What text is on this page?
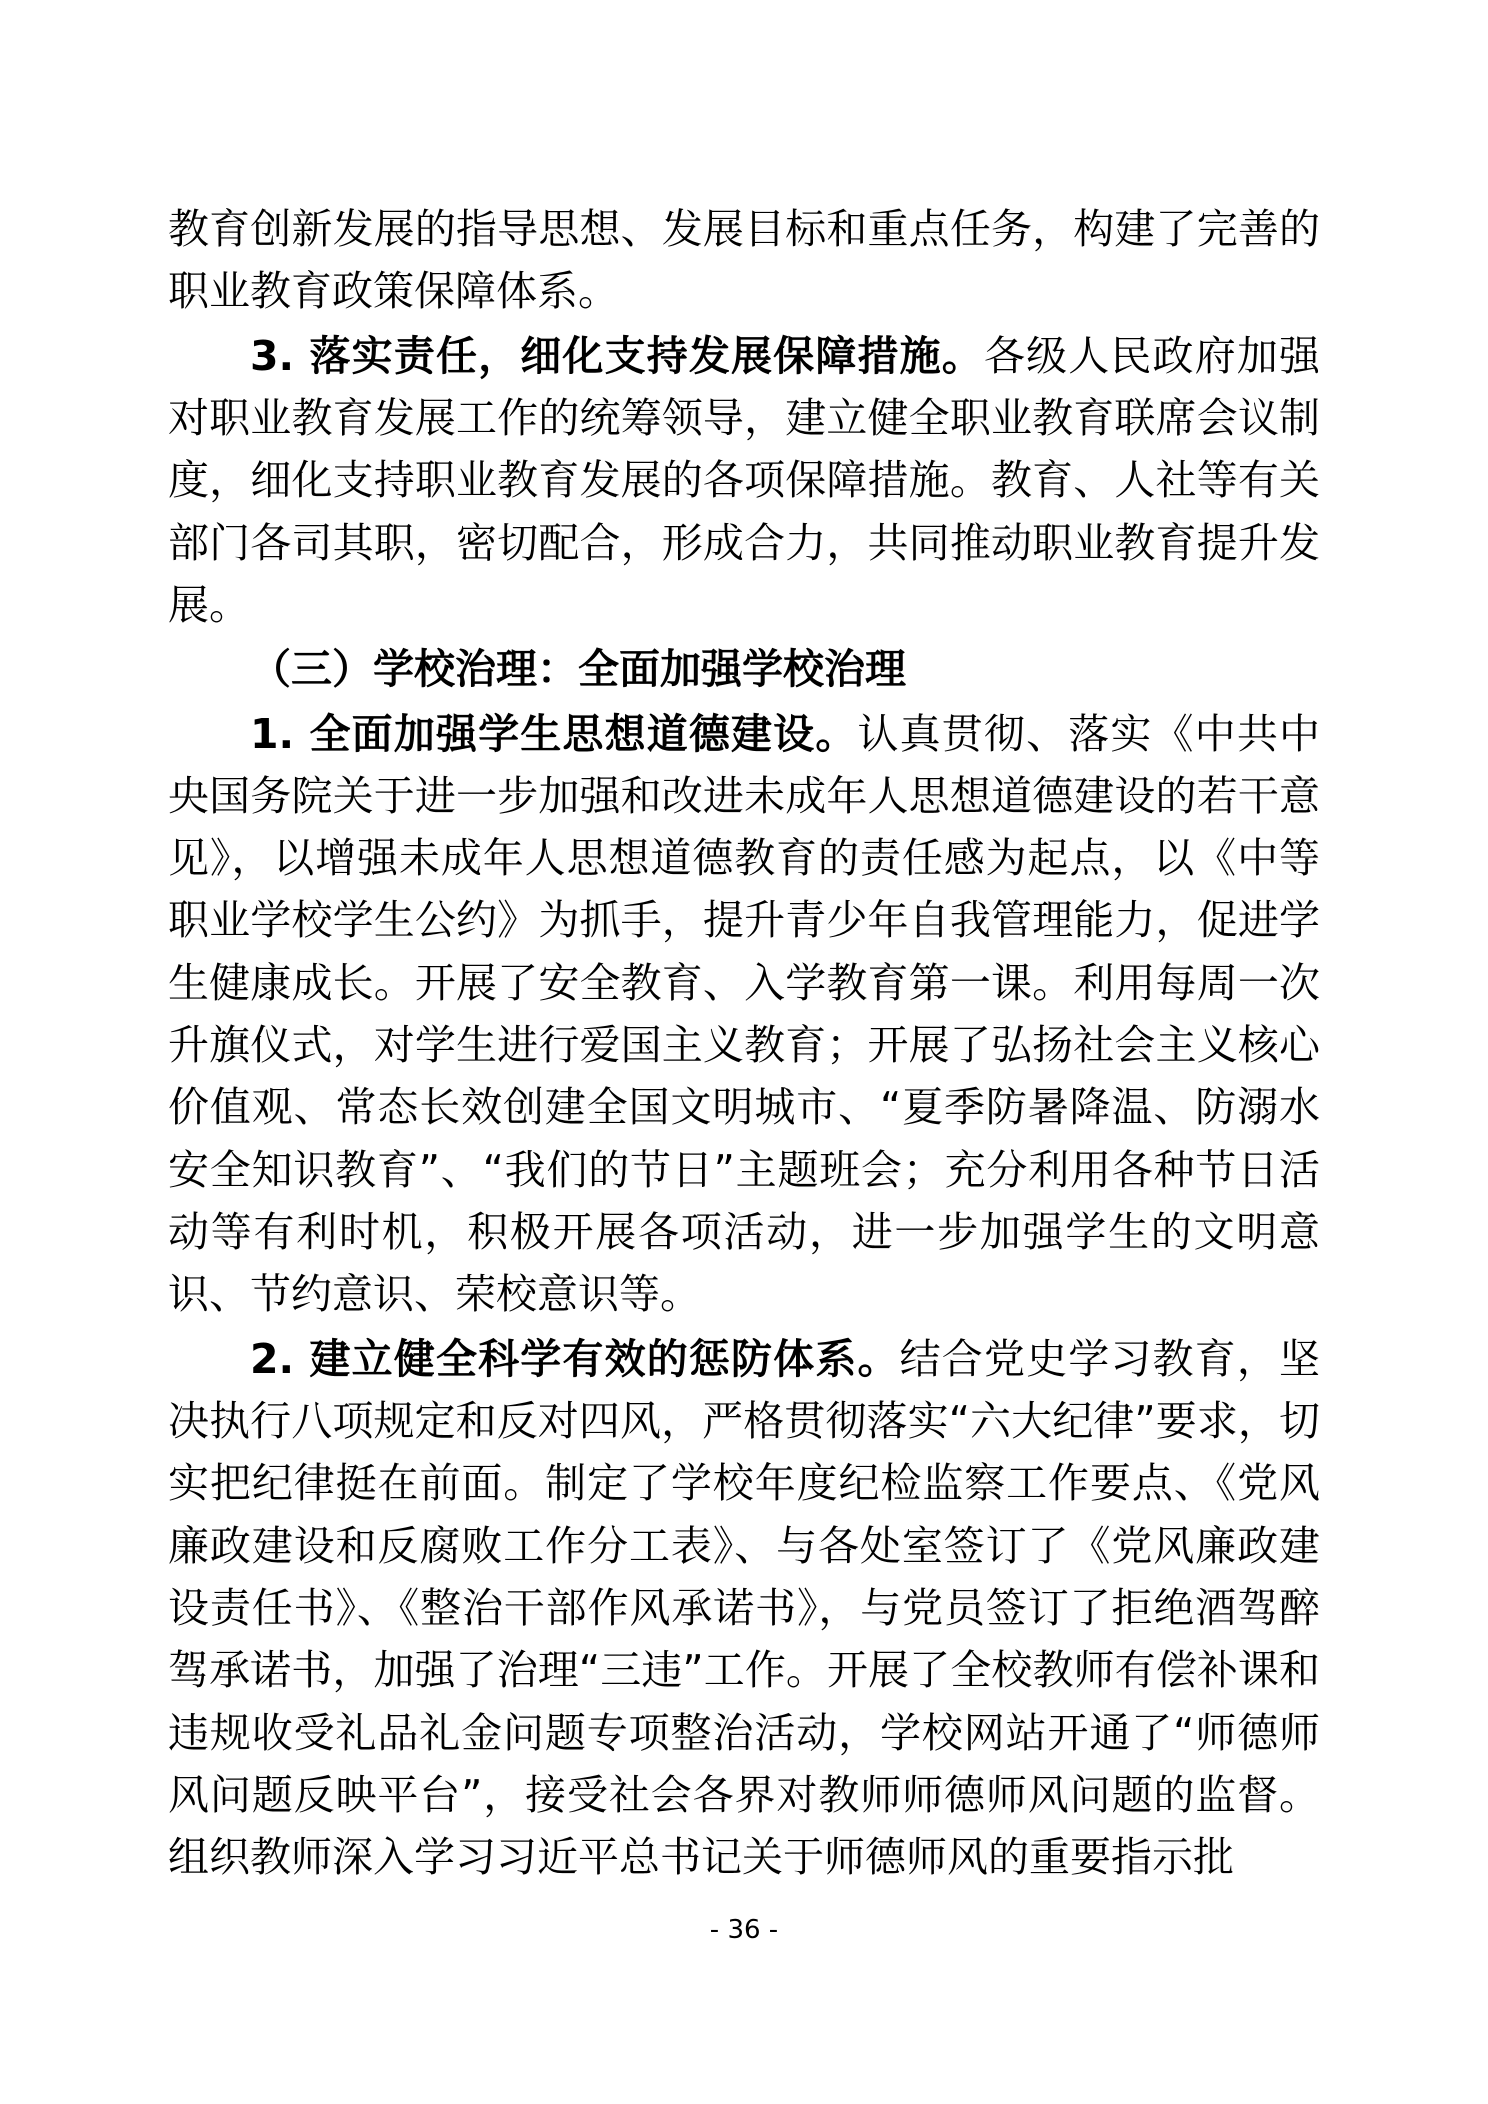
教育创新发展的指导思想、发展目标和重点任务，构建了完善的职业教育政策保障体系。

3. 落实责任，细化支持发展保障措施。各级人民政府加强对职业教育发展工作的统筹领导，建立健全职业教育联席会议制度，细化支持职业教育发展的各项保障措施。教育、人社等有关部门各司其职，密切配合，形成合力，共同推动职业教育提升发展。

（三）学校治理：全面加强学校治理

1. 全面加强学生思想道德建设。认真贯彻、落实《中共中央国务院关于进一步加强和改进未成年人思想道德建设的若干意见》，以增强未成年人思想道德教育的责任感为起点，以《中等职业学校学生公约》为抓手，提升青少年自我管理能力，促进学生健康成长。开展了安全教育、入学教育第一课。利用每周一次升旗仪式，对学生进行爱国主义教育；开展了弘扬社会主义核心价值观、常态长效创建全国文明城市、“夏季防暑降温、防溺水安全知识教育”、“我们的节日”主题班会；充分利用各种节日活动等有利时机，积极开展各项活动，进一步加强学生的文明意识、节约意识、荣校意识等。

2. 建立健全科学有效的惩防体系。结合党史学习教育，坚决执行八项规定和反对四风，严格贯彻落实“六大纪律”要求，切实把纪律挺在前面。制定了学校年度纪检监察工作要点、《党风廉政建设和反腐败工作分工表》、与各处室签订了《党风廉政建设责任书》、《整治干部作风承诺书》，与党员签订了拒绝酒驾醉驾承诺书，加强了治理“三违”工作。开展了全校教师有偿补课和违规收受礼品礼金问题专项整治活动，学校网站开通了“师德师风问题反映平台”，接受社会各界对教师师德师风问题的监督。组织教师深入学习习近平总书记关于师德师风的重要指示批

- 36 -
